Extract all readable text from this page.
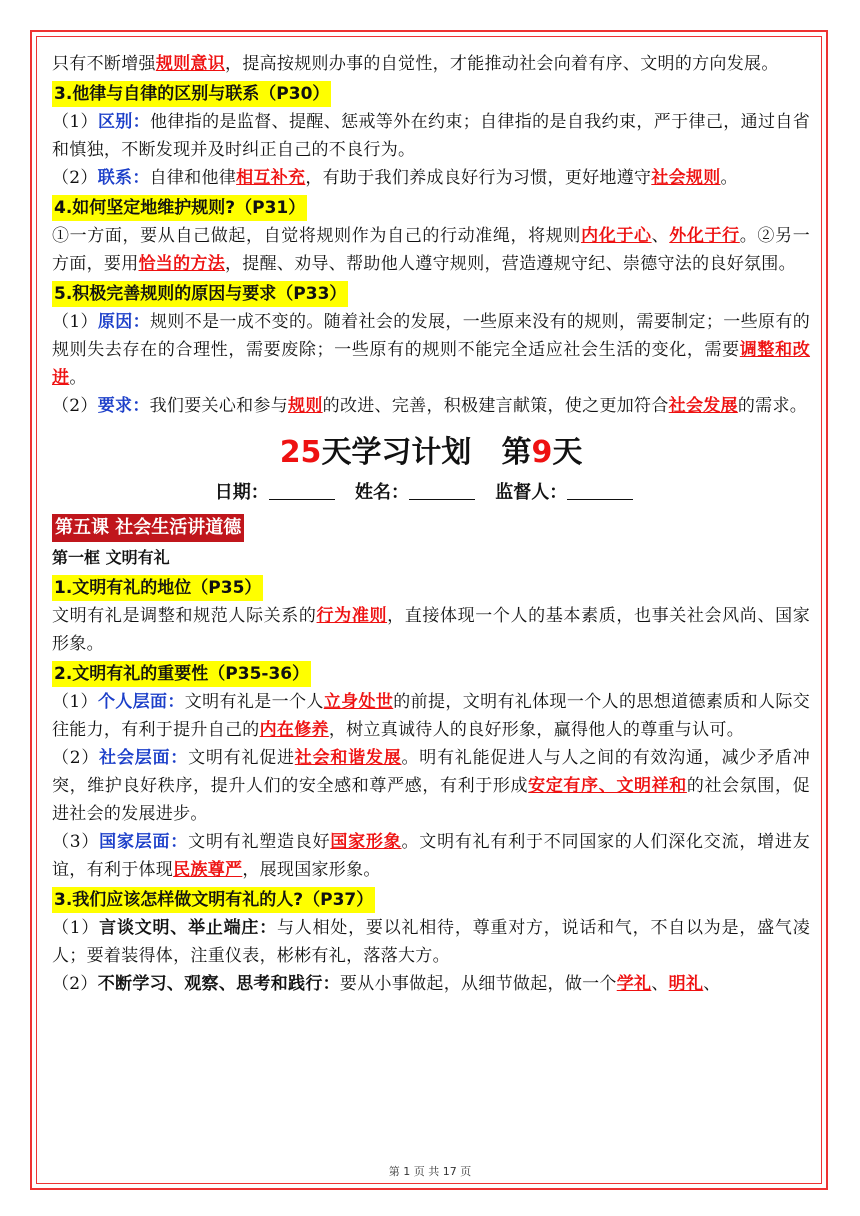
只有不断增强规则意识，提高按规则办事的自觉性，才能推动社会向着有序、文明的方向发展。

3.他律与自律的区别与联系（P30）

（1）区别：他律指的是监督、提醒、惩戒等外在约束；自律指的是自我约束，严于律己，通过自省和慎独，不断发现并及时纠正自己的不良行为。

（2）联系：自律和他律相互补充，有助于我们养成良好行为习惯，更好地遵守社会规则。

4.如何坚定地维护规则?（P31）

①一方面，要从自己做起，自觉将规则作为自己的行动准绳，将规则内化于心、外化于行。②另一方面，要用恰当的方法，提醒、劝导、帮助他人遵守规则，营造遵规守纪、崇德守法的良好氛围。

5.积极完善规则的原因与要求（P33）

（1）原因：规则不是一成不变的。随着社会的发展，一些原来没有的规则，需要制定；一些原有的规则失去存在的合理性，需要废除；一些原有的规则不能完全适应社会生活的变化，需要调整和改进。

（2）要求：我们要关心和参与规则的改进、完善，积极建言献策，使之更加符合社会发展的需求。

25天学习计划 第9天
日期：	姓名：	监督人：
第五课 社会生活讲道德
第一框 文明有礼
1.文明有礼的地位（P35）

文明有礼是调整和规范人际关系的行为准则，直接体现一个人的基本素质，也事关社会风尚、国家形象。

2.文明有礼的重要性（P35-36）

（1）个人层面：文明有礼是一个人立身处世的前提，文明有礼体现一个人的思想道德素质和人际交往能力，有利于提升自己的内在修养，树立真诚待人的良好形象，赢得他人的尊重与认可。

（2）社会层面：文明有礼促进社会和谐发展。明有礼能促进人与人之间的有效沟通，减少矛盾冲突，维护良好秩序，提升人们的安全感和尊严感，有利于形成安定有序、文明祥和的社会氛围，促进社会的发展进步。

（3）国家层面：文明有礼塑造良好国家形象。文明有礼有利于不同国家的人们深化交流，增进友谊，有利于体现民族尊严，展现国家形象。

3.我们应该怎样做文明有礼的人?（P37）

（1）言谈文明、举止端庄：与人相处，要以礼相待，尊重对方，说话和气，不自以为是，盛气凌人；要着装得体，注重仪表，彬彬有礼，落落大方。

（2）不断学习、观察、思考和践行：要从小事做起，从细节做起，做一个学礼、明礼、

第 1 页 共 17 页
